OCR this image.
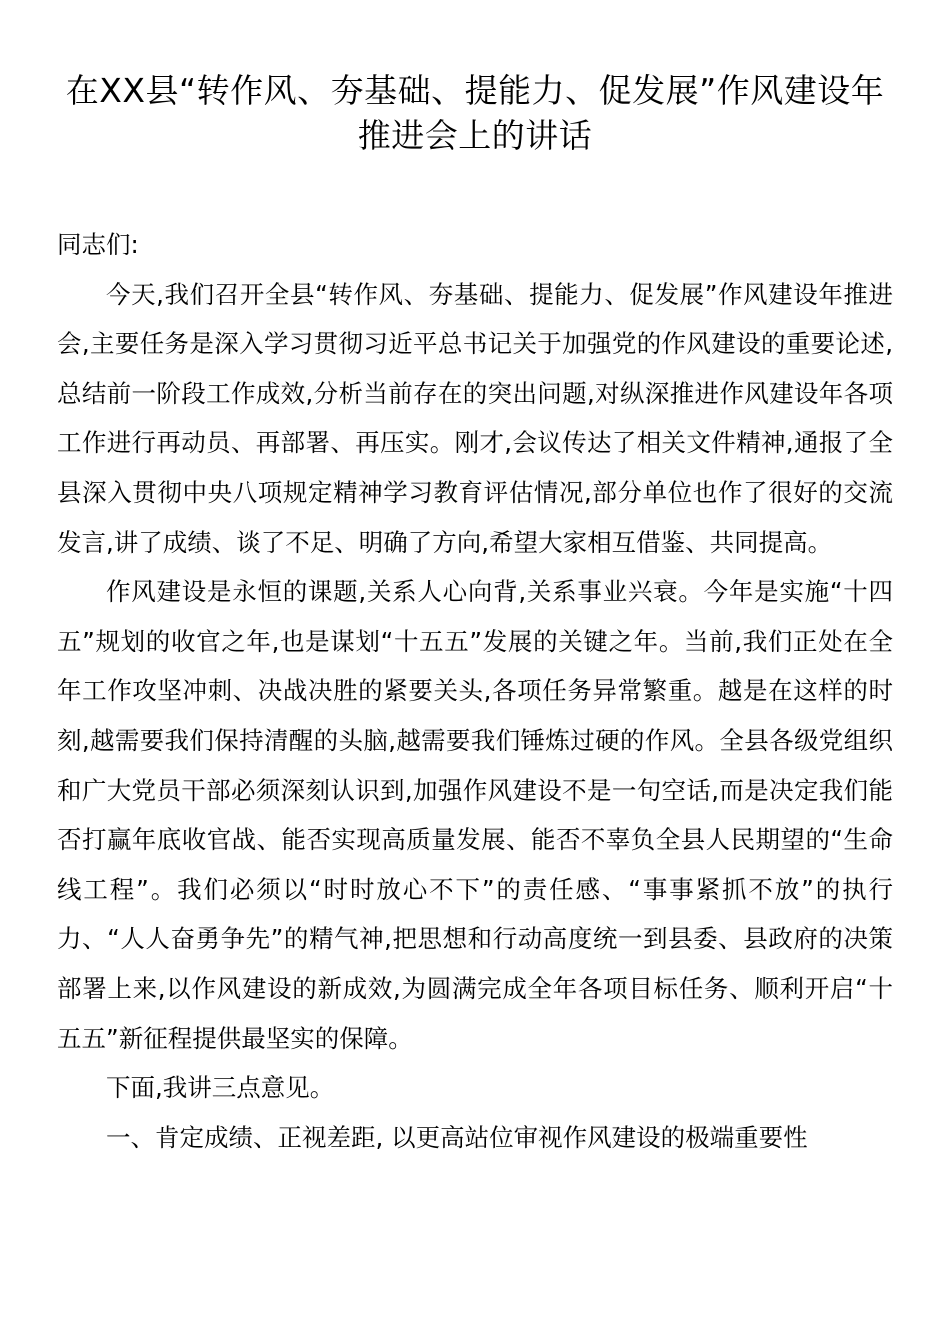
在XX县“转作风、夯基础、提能力、促发展”作风建设年推进会上的讲话

同志们:

今天,我们召开全县“转作风、夯基础、提能力、促发展”作风建设年推进会,主要任务是深入学习贯彻习近平总书记关于加强党的作风建设的重要论述,总结前一阶段工作成效,分析当前存在的突出问题,对纵深推进作风建设年各项工作进行再动员、再部署、再压实。刚才,会议传达了相关文件精神,通报了全县深入贯彻中央八项规定精神学习教育评估情况,部分单位也作了很好的交流发言,讲了成绩、谈了不足、明确了方向,希望大家相互借鉴、共同提高。

作风建设是永恒的课题,关系人心向背,关系事业兴衰。今年是实施“十四五”规划的收官之年,也是谋划“十五五”发展的关键之年。当前,我们正处在全年工作攻坚冲刺、决战决胜的紧要关头,各项任务异常繁重。越是在这样的时刻,越需要我们保持清醒的头脑,越需要我们锤炼过硬的作风。全县各级党组织和广大党员干部必须深刻认识到,加强作风建设不是一句空话,而是决定我们能否打赢年底收官战、能否实现高质量发展、能否不辜负全县人民期望的“生命线工程”。我们必须以“时时放心不下”的责任感、“事事紧抓不放”的执行力、“人人奋勇争先”的精气神,把思想和行动高度统一到县委、县政府的决策部署上来,以作风建设的新成效,为圆满完成全年各项目标任务、顺利开启“十五五”新征程提供最坚实的保障。

下面,我讲三点意见。

一、肯定成绩、正视差距, 以更高站位审视作风建设的极端重要性
